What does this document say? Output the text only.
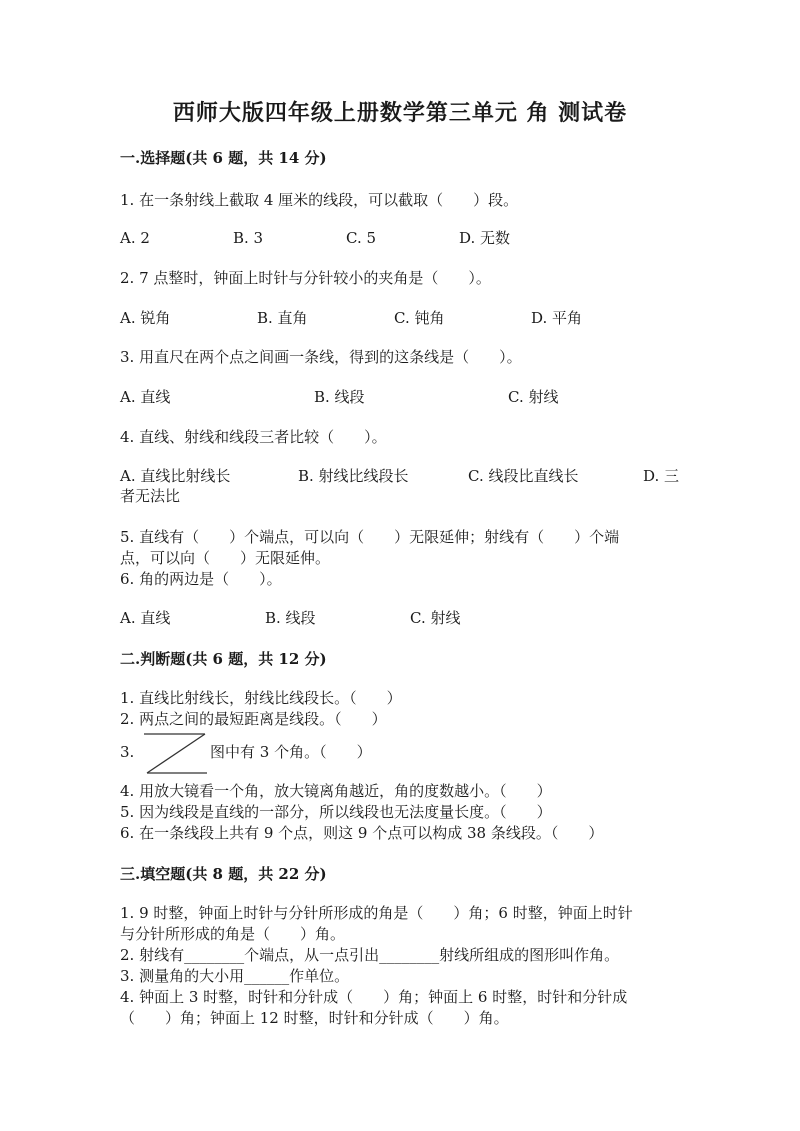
西师大版四年级上册数学第三单元 角 测试卷
一.选择题(共 6 题，共 14 分)
1. 在一条射线上截取 4 厘米的线段，可以截取（　　）段。
A. 2	B. 3	C. 5	D. 无数
2. 7 点整时，钟面上时针与分针较小的夹角是（　　）。
A. 锐角	B. 直角	C. 钝角	D. 平角
3. 用直尺在两个点之间画一条线，得到的这条线是（　　）。
A. 直线	B. 线段	C. 射线
4. 直线、射线和线段三者比较（　　）。
A. 直线比射线长	B. 射线比线段长	C. 线段比直线长	D. 三
者无法比
5. 直线有（　　）个端点，可以向（　　）无限延伸；射线有（　　）个端
点，可以向（　　）无限延伸。
6. 角的两边是（　　）。
A. 直线	B. 线段	C. 射线
二.判断题(共 6 题，共 12 分)
1. 直线比射线长，射线比线段长。（　　）
2. 两点之间的最短距离是线段。（　　）
3.	图中有 3 个角。（　　）
4. 用放大镜看一个角，放大镜离角越近，角的度数越小。（　　）
5. 因为线段是直线的一部分，所以线段也无法度量长度。（　　）
6. 在一条线段上共有 9 个点，则这 9 个点可以构成 38 条线段。（　　）
三.填空题(共 8 题，共 22 分)
1. 9 时整，钟面上时针与分针所形成的角是（　　）角；6 时整，钟面上时针
与分针所形成的角是（　　）角。
2. 射线有________个端点，从一点引出________射线所组成的图形叫作角。
3. 测量角的大小用______作单位。
4. 钟面上 3 时整，时针和分针成（　　）角；钟面上 6 时整，时针和分针成
（　　）角；钟面上 12 时整，时针和分针成（　　）角。
